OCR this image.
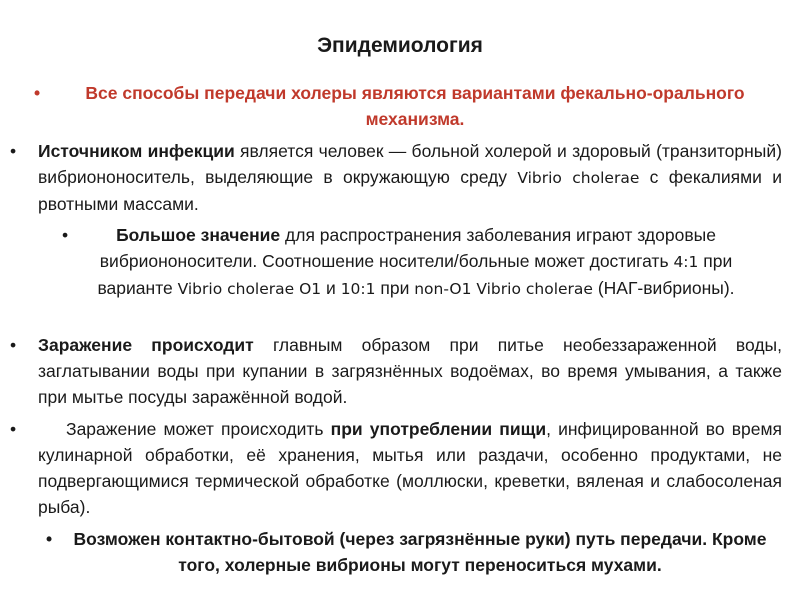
Эпидемиология
•	Все способы передачи холеры являются вариантами фекально-орального механизма.
• Источником инфекции является человек — больной холерой и здоровый (транзиторный) вибриононоситель, выделяющие в окружающую среду Vibrio cholerae с фекалиями и рвотными массами.
•	Большое значение для распространения заболевания играют здоровые вибриононосители. Соотношение носители/больные может достигать 4:1 при варианте Vibrio cholerae O1 и 10:1 при non-O1 Vibrio cholerae (НАГ-вибрионы).
• Заражение происходит главным образом при питье необеззараженной воды, заглатывании воды при купании в загрязнённых водоёмах, во время умывания, а также при мытье посуды заражённой водой.
•	Заражение может происходить при употреблении пищи, инфицированной во время кулинарной обработки, её хранения, мытья или раздачи, особенно продуктами, не подвергающимися термической обработке (моллюски, креветки, вяленая и слабосоленая рыба).
•	Возможен контактно-бытовой (через загрязнённые руки) путь передачи. Кроме того, холерные вибрионы могут переноситься мухами.
